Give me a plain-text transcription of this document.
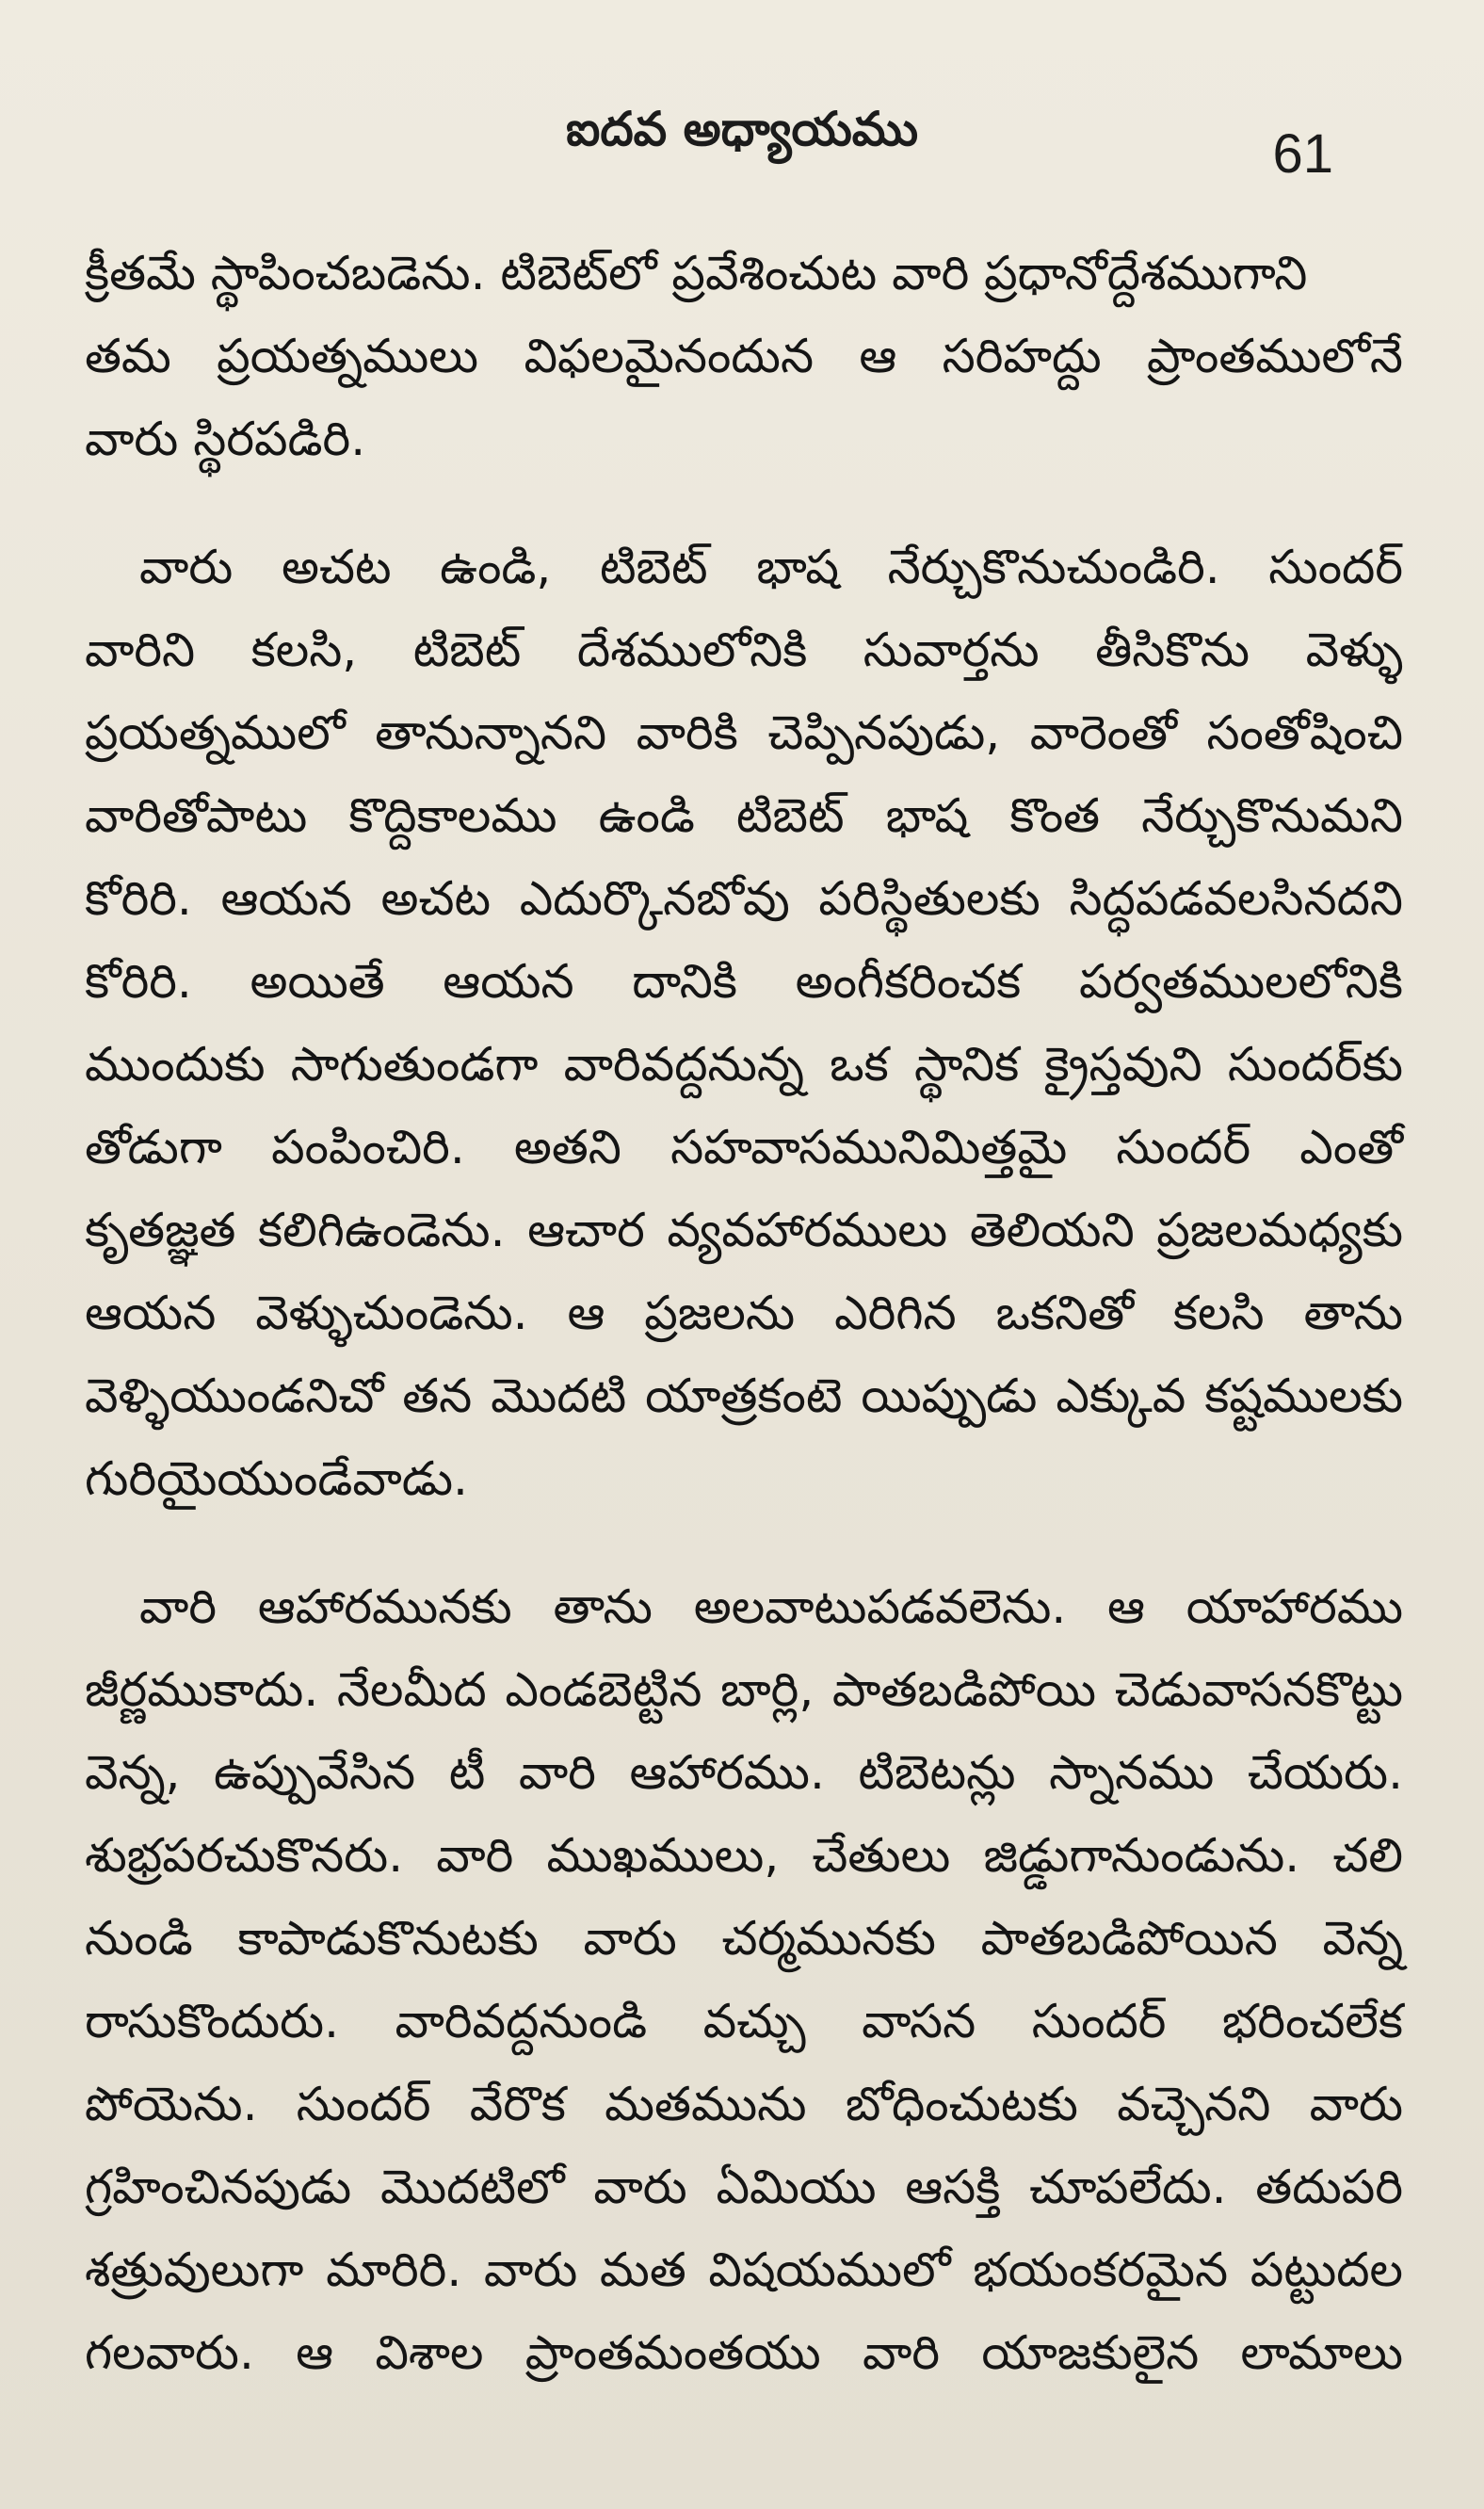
ఐదవ అధ్యాయము	61
క్రీతమే స్థాపించబడెను. టిబెట్‌లో ప్రవేశించుట వారి ప్రధానోద్దేశముగాని
తమ ప్రయత్నములు విఫలమైనందున ఆ సరిహద్దు ప్రాంతములోనే
వారు స్థిరపడిరి.
వారు అచట ఉండి, టిబెట్ భాష నేర్చుకొనుచుండిరి. సుందర్
వారిని కలసి, టిబెట్ దేశములోనికి సువార్తను తీసికొను వెళ్ళు
ప్రయత్నములో తానున్నానని వారికి చెప్పినపుడు, వారెంతో సంతోషించి
వారితోపాటు కొద్దికాలము ఉండి టిబెట్ భాష కొంత నేర్చుకొనుమని
కోరిరి. ఆయన అచట ఎదుర్కొనబోవు పరిస్థితులకు సిద్ధపడవలసినదని
కోరిరి. అయితే ఆయన దానికి అంగీకరించక పర్వతములలోనికి
ముందుకు సాగుతుండగా వారివద్దనున్న ఒక స్థానిక క్రైస్తవుని సుందర్‌కు
తోడుగా పంపించిరి. అతని సహవాసమునిమిత్తమై సుందర్ ఎంతో
కృతజ్ఞత కలిగిఉండెను. ఆచార వ్యవహారములు తెలియని ప్రజలమధ్యకు
ఆయన వెళ్ళుచుండెను. ఆ ప్రజలను ఎరిగిన ఒకనితో కలసి తాను
వెళ్ళియుండనిచో తన మొదటి యాత్రకంటె యిప్పుడు ఎక్కువ కష్టములకు
గురియైయుండేవాడు.
వారి ఆహారమునకు తాను అలవాటుపడవలెను. ఆ యాహారము
జీర్ణముకాదు. నేలమీద ఎండబెట్టిన బార్లి, పాతబడిపోయి చెడువాసనకొట్టు
వెన్న, ఉప్పువేసిన టీ వారి ఆహారము. టిబెటన్లు స్నానము చేయరు.
శుభ్రపరచుకొనరు. వారి ముఖములు, చేతులు జిడ్డుగానుండును. చలి
నుండి కాపాడుకొనుటకు వారు చర్మమునకు పాతబడిపోయిన వెన్న
రాసుకొందురు. వారివద్దనుండి వచ్చు వాసన సుందర్ భరించలేక
పోయెను. సుందర్ వేరొక మతమును బోధించుటకు వచ్చెనని వారు
గ్రహించినపుడు మొదటిలో వారు ఏమియు ఆసక్తి చూపలేదు. తదుపరి
శత్రువులుగా మారిరి. వారు మత విషయములో భయంకరమైన పట్టుదల
గలవారు. ఆ విశాల ప్రాంతమంతయు వారి యాజకులైన లామాలు
